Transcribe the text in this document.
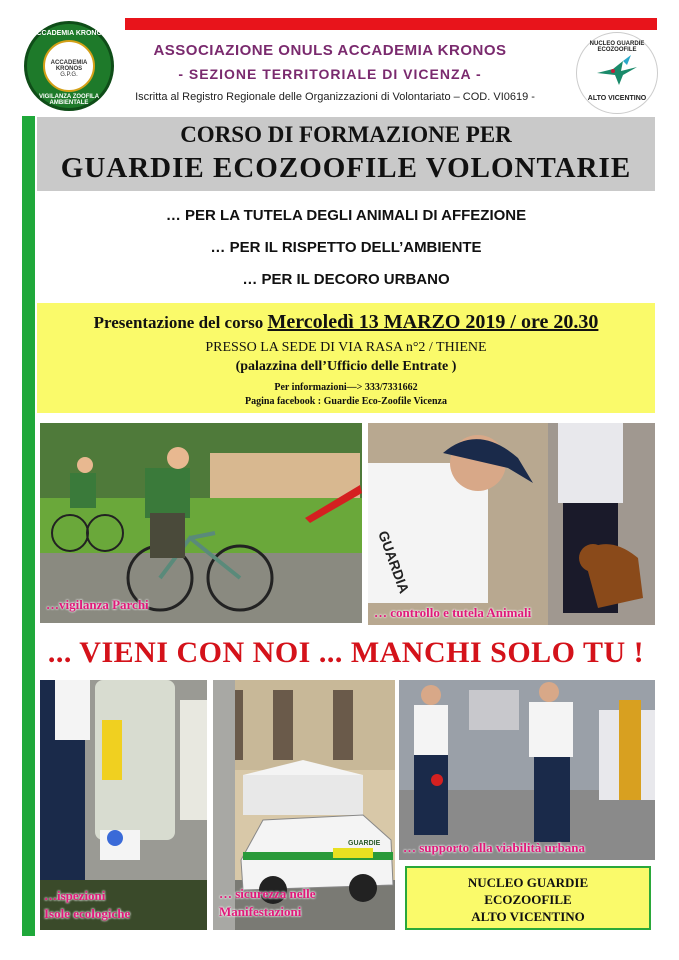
ACCADEMIA KRONOS
ACCADEMIA KRONOS
G.P.G.
VIGILANZA ZOOFILA AMBIENTALE
ASSOCIAZIONE ONULS ACCADEMIA KRONOS
- SEZIONE TERRITORIALE DI VICENZA -
Iscritta al Registro Regionale delle Organizzazioni di Volontariato – COD. VI0619 -
NUCLEO GUARDIE ECOZOOFILE
ALTO VICENTINO
CORSO DI FORMAZIONE PER
GUARDIE ECOZOOFILE VOLONTARIE
… PER LA TUTELA DEGLI ANIMALI DI AFFEZIONE
… PER IL RISPETTO DELL’AMBIENTE
… PER IL DECORO URBANO
Presentazione del corso Mercoledì 13 MARZO 2019 / ore 20.30
PRESSO LA SEDE DI VIA RASA n°2 / THIENE
(palazzina dell’Ufficio delle Entrate )
Per informazioni—> 333/7331662
Pagina facebook : Guardie Eco-Zoofile Vicenza
…vigilanza Parchi
GUARDIA
… controllo e tutela Animali
... VIENI CON NOI ... MANCHI SOLO TU !
…ispezioni
Isole ecologiche
GUARDIE
… sicurezza nelle
Manifestazioni
… supporto alla viabilità urbana
NUCLEO GUARDIE
ECOZOOFILE
ALTO VICENTINO
